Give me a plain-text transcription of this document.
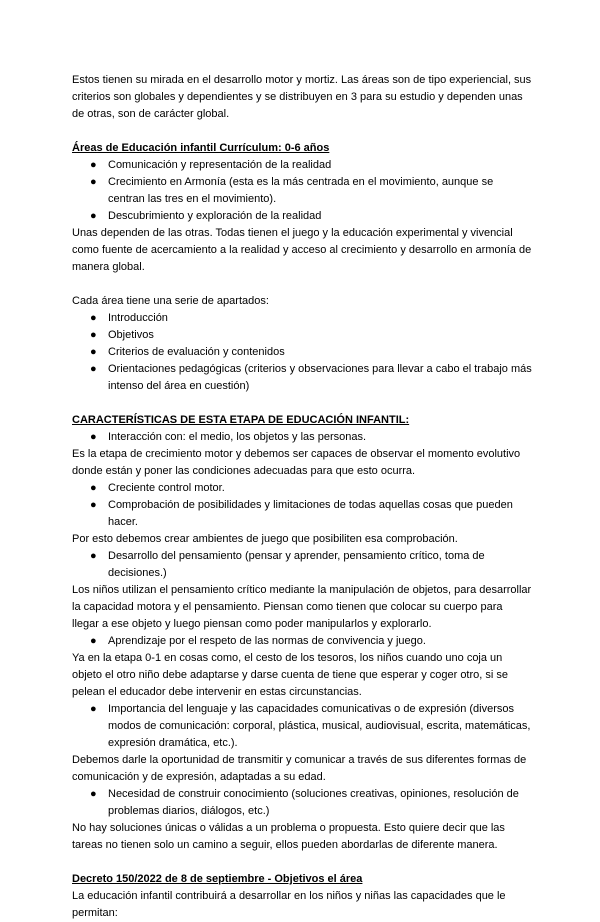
Estos tienen su mirada en el desarrollo motor y mortiz. Las áreas son de tipo experiencial, sus criterios son globales y dependientes y se distribuyen en 3 para su estudio y dependen unas de otras, son de carácter global.

Áreas de Educación infantil Currículum: 0-6 años
● Comunicación y representación de la realidad
● Crecimiento en Armonía (esta es la más centrada en el movimiento, aunque se centran las tres en el movimiento).
● Descubrimiento y exploración de la realidad

Unas dependen de las otras. Todas tienen el juego y la educación experimental y vivencial como fuente de acercamiento a la realidad y acceso al crecimiento y desarrollo en armonía de manera global.

Cada área tiene una serie de apartados:

● Introducción
● Objetivos
● Criterios de evaluación y contenidos
● Orientaciones pedagógicas (criterios y observaciones para llevar a cabo el trabajo más intenso del área en cuestión)
CARACTERÍSTICAS DE ESTA ETAPA DE EDUCACIÓN INFANTIL:
● Interacción con: el medio, los objetos y las personas.

Es la etapa de crecimiento motor y debemos ser capaces de observar el momento evolutivo donde están y poner las condiciones adecuadas para que esto ocurra.

● Creciente control motor.
● Comprobación de posibilidades y limitaciones de todas aquellas cosas que pueden hacer.

Por esto debemos crear ambientes de juego que posibiliten esa comprobación.

● Desarrollo del pensamiento (pensar y aprender, pensamiento crítico, toma de decisiones.)

Los niños utilizan el pensamiento crítico mediante la manipulación de objetos, para desarrollar la capacidad motora y el pensamiento. Piensan como tienen que colocar su cuerpo para llegar a ese objeto y luego piensan como poder manipularlos y explorarlo.

● Aprendizaje por el respeto de las normas de convivencia y juego.

Ya en la etapa 0-1 en cosas como, el cesto de los tesoros, los niños cuando uno coja un objeto el otro niño debe adaptarse y darse cuenta de tiene que esperar y coger otro, si se pelean el educador debe intervenir en estas circunstancias.

● Importancia del lenguaje y las capacidades comunicativas o de expresión (diversos modos de comunicación: corporal, plástica, musical, audiovisual, escrita, matemáticas, expresión dramática, etc.).

Debemos darle la oportunidad de transmitir y comunicar a través de sus diferentes formas de comunicación y de expresión, adaptadas a su edad.

● Necesidad de construir conocimiento (soluciones creativas, opiniones, resolución de problemas diarios, diálogos, etc.)

No hay soluciones únicas o válidas a un problema o propuesta. Esto quiere decir que las tareas no tienen solo un camino a seguir, ellos pueden abordarlas de diferente manera.

Decreto 150/2022 de 8 de septiembre - Objetivos el área

La educación infantil contribuirá a desarrollar en los niños y niñas las capacidades que le permitan:
